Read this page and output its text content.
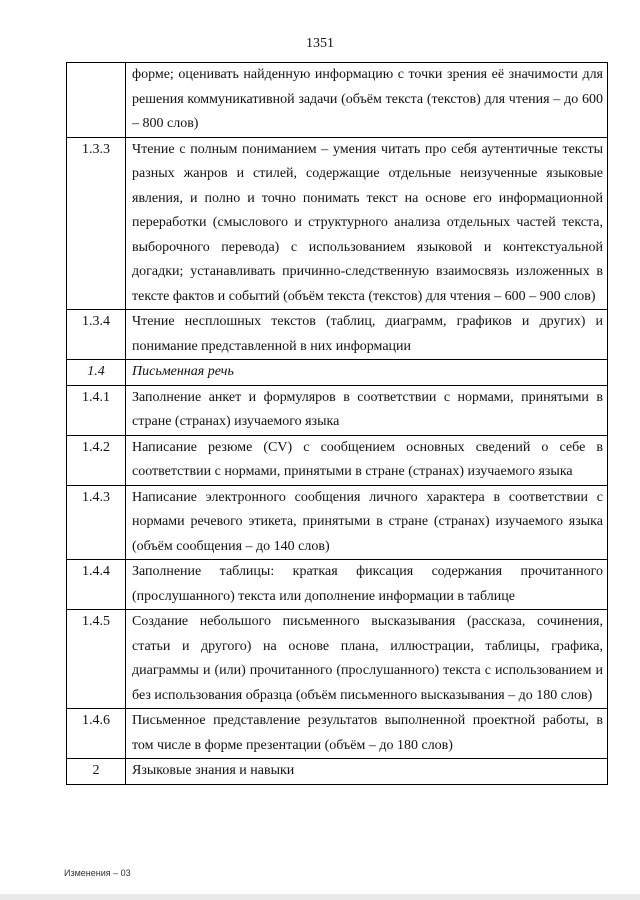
1351
	форме; оценивать найденную информацию с точки зрения её значимости для решения коммуникативной задачи (объём текста (текстов) для чтения – до 600 – 800 слов)
1.3.3	Чтение с полным пониманием – умения читать про себя аутентичные тексты разных жанров и стилей, содержащие отдельные неизученные языковые явления, и полно и точно понимать текст на основе его информационной переработки (смыслового и структурного анализа отдельных частей текста, выборочного перевода) с использованием языковой и контекстуальной догадки; устанавливать причинно-следственную взаимосвязь изложенных в тексте фактов и событий (объём текста (текстов) для чтения – 600 – 900 слов)
1.3.4	Чтение несплошных текстов (таблиц, диаграмм, графиков и других) и понимание представленной в них информации
1.4	Письменная речь
1.4.1	Заполнение анкет и формуляров в соответствии с нормами, принятыми в стране (странах) изучаемого языка
1.4.2	Написание резюме (CV) с сообщением основных сведений о себе в соответствии с нормами, принятыми в стране (странах) изучаемого языка
1.4.3	Написание электронного сообщения личного характера в соответствии с нормами речевого этикета, принятыми в стране (странах) изучаемого языка (объём сообщения – до 140 слов)
1.4.4	Заполнение таблицы: краткая фиксация содержания прочитанного (прослушанного) текста или дополнение информации в таблице
1.4.5	Создание небольшого письменного высказывания (рассказа, сочинения, статьи и другого) на основе плана, иллюстрации, таблицы, графика, диаграммы и (или) прочитанного (прослушанного) текста с использованием и без использования образца (объём письменного высказывания – до 180 слов)
1.4.6	Письменное представление результатов выполненной проектной работы, в том числе в форме презентации (объём – до 180 слов)
2	Языковые знания и навыки
Изменения – 03
